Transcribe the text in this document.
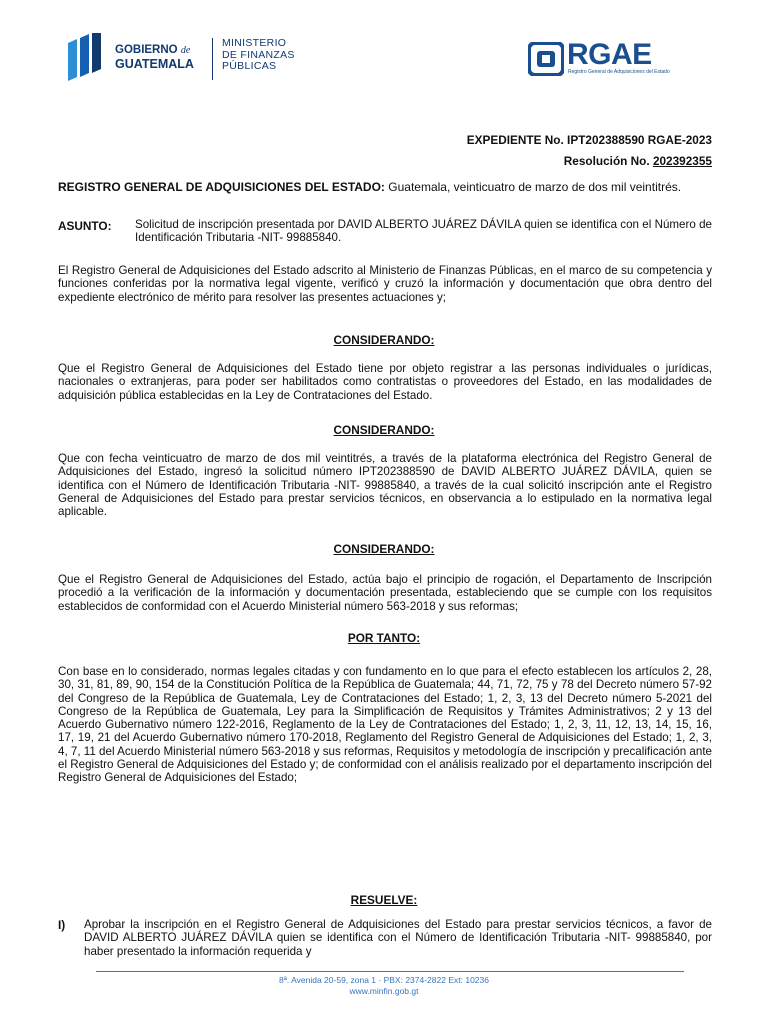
GOBIERNO de
GUATEMALA
MINISTERIO
DE FINANZAS
PÚBLICAS	RGAE
Registro General de Adquisiciones del Estado
EXPEDIENTE No. IPT202388590 RGAE-2023
Resolución No. 202392355

REGISTRO GENERAL DE ADQUISICIONES DEL ESTADO: Guatemala, veinticuatro de marzo de dos mil veintitrés.

ASUNTO: Solicitud de inscripción presentada por DAVID ALBERTO JUÁREZ DÁVILA quien se identifica con el Número de Identificación Tributaria -NIT- 99885840.

El Registro General de Adquisiciones del Estado adscrito al Ministerio de Finanzas Públicas, en el marco de su competencia y funciones conferidas por la normativa legal vigente, verificó y cruzó la información y documentación que obra dentro del expediente electrónico de mérito para resolver las presentes actuaciones y;

CONSIDERANDO:

Que el Registro General de Adquisiciones del Estado tiene por objeto registrar a las personas individuales o jurídicas, nacionales o extranjeras, para poder ser habilitados como contratistas o proveedores del Estado, en las modalidades de adquisición pública establecidas en la Ley de Contrataciones del Estado.

CONSIDERANDO:

Que con fecha veinticuatro de marzo de dos mil veintitrés, a través de la plataforma electrónica del Registro General de Adquisiciones del Estado, ingresó la solicitud número IPT202388590 de DAVID ALBERTO JUÁREZ DÁVILA, quien se identifica con el Número de Identificación Tributaria -NIT- 99885840, a través de la cual solicitó inscripción ante el Registro General de Adquisiciones del Estado para prestar servicios técnicos, en observancia a lo estipulado en la normativa legal aplicable.

CONSIDERANDO:

Que el Registro General de Adquisiciones del Estado, actúa bajo el principio de rogación, el Departamento de Inscripción procedió a la verificación de la información y documentación presentada, estableciendo que se cumple con los requisitos establecidos de conformidad con el Acuerdo Ministerial número 563-2018 y sus reformas;

POR TANTO:

Con base en lo considerado, normas legales citadas y con fundamento en lo que para el efecto establecen los artículos 2, 28, 30, 31, 81, 89, 90, 154 de la Constitución Política de la República de Guatemala; 44, 71, 72, 75 y 78 del Decreto número 57-92 del Congreso de la República de Guatemala, Ley de Contrataciones del Estado; 1, 2, 3, 13 del Decreto número 5-2021 del Congreso de la República de Guatemala, Ley para la Simplificación de Requisitos y Trámites Administrativos; 2 y 13 del Acuerdo Gubernativo número 122-2016, Reglamento de la Ley de Contrataciones del Estado; 1, 2, 3, 11, 12, 13, 14, 15, 16, 17, 19, 21 del Acuerdo Gubernativo número 170-2018, Reglamento del Registro General de Adquisiciones del Estado; 1, 2, 3, 4, 7, 11 del Acuerdo Ministerial número 563-2018 y sus reformas, Requisitos y metodología de inscripción y precalificación ante el Registro General de Adquisiciones del Estado y; de conformidad con el análisis realizado por el departamento inscripción del Registro General de Adquisiciones del Estado;

RESUELVE:
I) Aprobar la inscripción en el Registro General de Adquisiciones del Estado para prestar servicios técnicos, a favor de DAVID ALBERTO JUÁREZ DÁVILA quien se identifica con el Número de Identificación Tributaria -NIT- 99885840, por haber presentado la información requerida y

8ª. Avenida 20-59, zona 1 · PBX: 2374-2822 Ext: 10236
www.minfin.gob.gt
